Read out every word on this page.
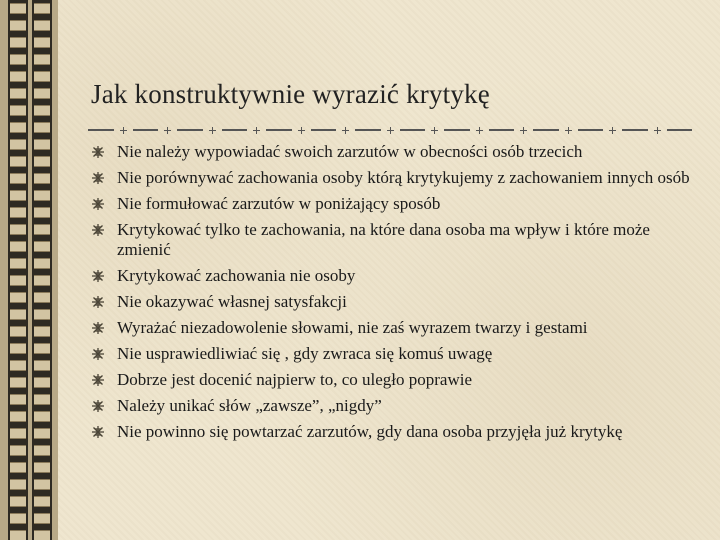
Jak konstruktywnie wyrazić krytykę
Nie należy wypowiadać swoich zarzutów w obecności osób trzecich
Nie porównywać zachowania osoby którą krytykujemy z zachowaniem innych osób
Nie formułować zarzutów w poniżający sposób
Krytykować tylko te zachowania, na które dana osoba ma wpływ i które może zmienić
Krytykować zachowania nie osoby
Nie okazywać własnej satysfakcji
Wyrażać niezadowolenie słowami, nie zaś wyrazem twarzy i gestami
Nie usprawiedliwiać się , gdy zwraca się komuś uwagę
Dobrze jest docenić najpierw to, co uległo poprawie
Należy unikać słów „zawsze”, „nigdy”
Nie powinno się powtarzać zarzutów, gdy dana osoba przyjęła już krytykę
